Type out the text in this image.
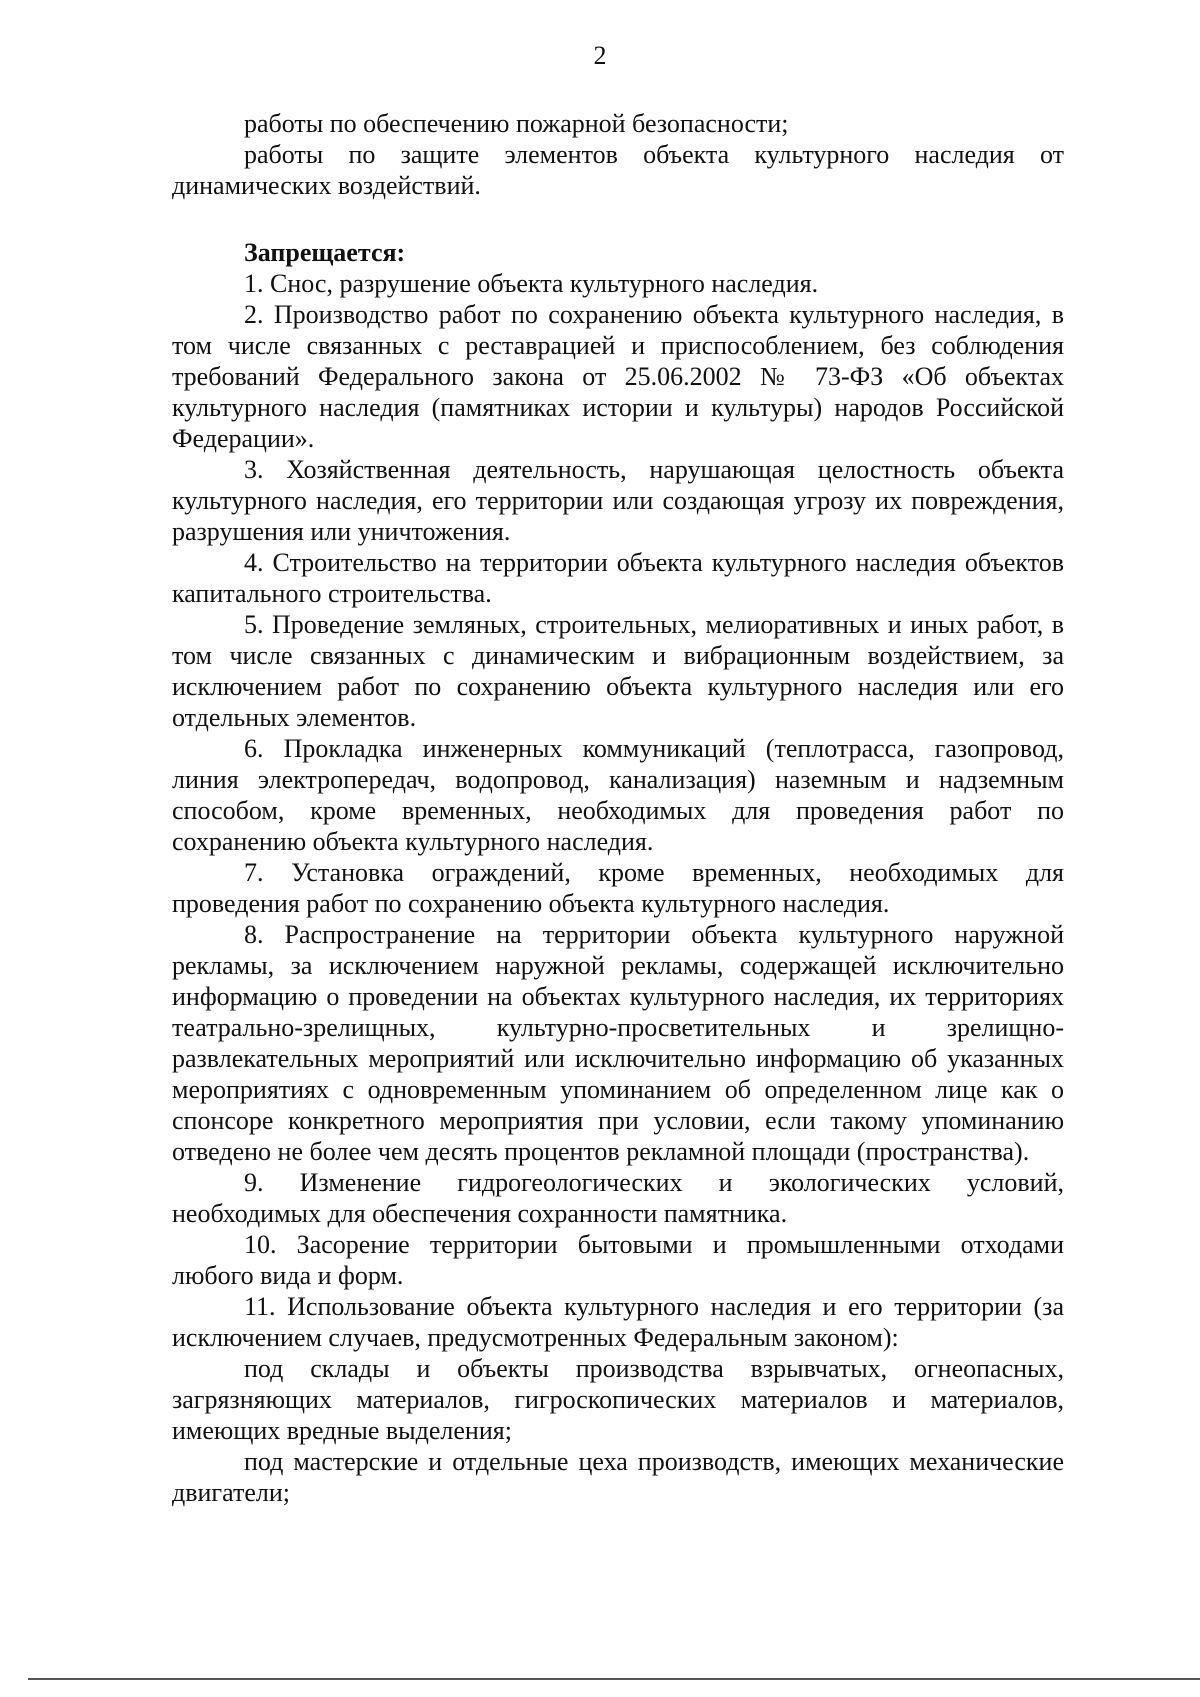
2

работы по обеспечению пожарной безопасности;

работы по защите элементов объекта культурного наследия от динамических воздействий.

Запрещается:

1. Снос, разрушение объекта культурного наследия.

2. Производство работ по сохранению объекта культурного наследия, в том числе связанных с реставрацией и приспособлением, без соблюдения требований Федерального закона от 25.06.2002 № 73-ФЗ «Об объектах культурного наследия (памятниках истории и культуры) народов Российской Федерации».

3. Хозяйственная деятельность, нарушающая целостность объекта культурного наследия, его территории или создающая угрозу их повреждения, разрушения или уничтожения.

4. Строительство на территории объекта культурного наследия объектов капитального строительства.

5. Проведение земляных, строительных, мелиоративных и иных работ, в том числе связанных с динамическим и вибрационным воздействием, за исключением работ по сохранению объекта культурного наследия или его отдельных элементов.

6. Прокладка инженерных коммуникаций (теплотрасса, газопровод, линия электропередач, водопровод, канализация) наземным и надземным способом, кроме временных, необходимых для проведения работ по сохранению объекта культурного наследия.

7. Установка ограждений, кроме временных, необходимых для проведения работ по сохранению объекта культурного наследия.

8. Распространение на территории объекта культурного наружной рекламы, за исключением наружной рекламы, содержащей исключительно информацию о проведении на объектах культурного наследия, их территориях театрально-зрелищных, культурно-просветительных и зрелищно-развлекательных мероприятий или исключительно информацию об указанных мероприятиях с одновременным упоминанием об определенном лице как о спонсоре конкретного мероприятия при условии, если такому упоминанию отведено не более чем десять процентов рекламной площади (пространства).

9. Изменение гидрогеологических и экологических условий, необходимых для обеспечения сохранности памятника.

10. Засорение территории бытовыми и промышленными отходами любого вида и форм.

11. Использование объекта культурного наследия и его территории (за исключением случаев, предусмотренных Федеральным законом):

под склады и объекты производства взрывчатых, огнеопасных, загрязняющих материалов, гигроскопических материалов и материалов, имеющих вредные выделения;

под мастерские и отдельные цеха производств, имеющих механические двигатели;
